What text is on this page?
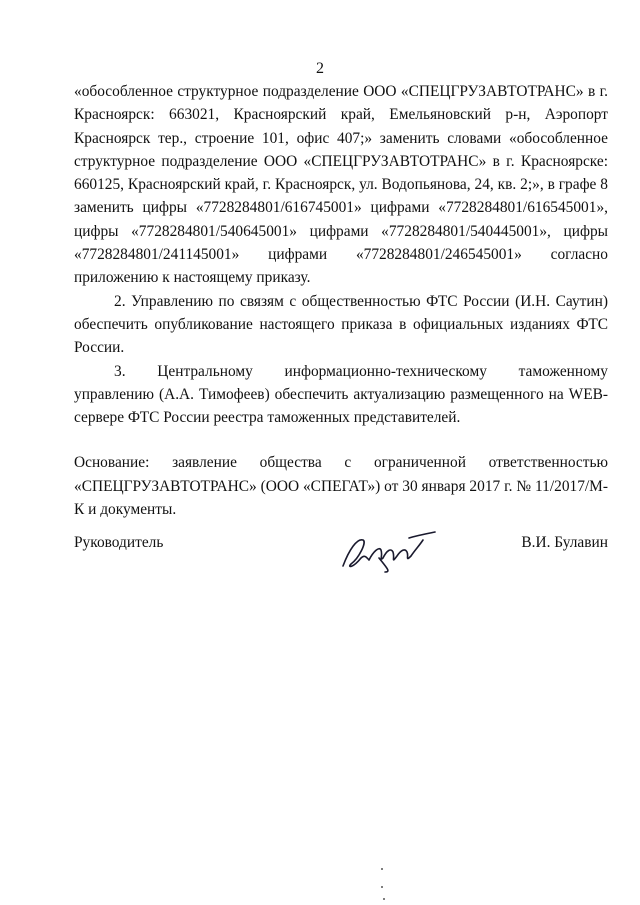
2

«обособленное структурное подразделение ООО «СПЕЦГРУЗАВТОТРАНС» в г. Красноярск: 663021, Красноярский край, Емельяновский р-н, Аэропорт Красноярск тер., строение 101, офис 407;» заменить словами «обособленное структурное подразделение ООО «СПЕЦГРУЗАВТОТРАНС» в г. Красноярске: 660125, Красноярский край, г. Красноярск, ул. Водопьянова, 24, кв. 2;», в графе 8 заменить цифры «7728284801/616745001» цифрами «7728284801/616545001», цифры «7728284801/540645001» цифрами «7728284801/540445001», цифры «7728284801/241145001» цифрами «7728284801/246545001» согласно приложению к настоящему приказу.

2. Управлению по связям с общественностью ФТС России (И.Н. Саутин) обеспечить опубликование настоящего приказа в официальных изданиях ФТС России.

3. Центральному информационно-техническому таможенному управлению (А.А. Тимофеев) обеспечить актуализацию размещенного на WEB-сервере ФТС России реестра таможенных представителей.

Основание: заявление общества с ограниченной ответственностью «СПЕЦГРУЗАВТОТРАНС» (ООО «СПЕГАТ») от 30 января 2017 г. № 11/2017/М-К и документы.

Руководитель	В.И. Булавин
